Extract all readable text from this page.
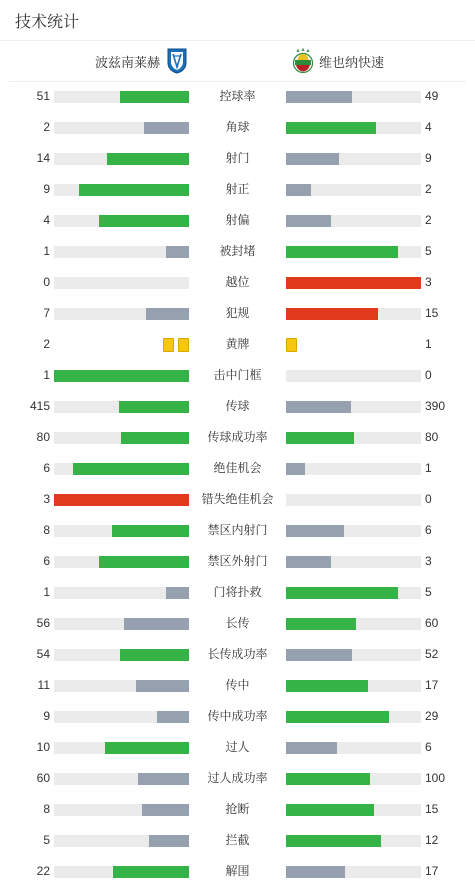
技术统计
波兹南莱赫	维也纳快速
51	控球率	49
2	角球	4
14	射门	9
9	射正	2
4	射偏	2
1	被封堵	5
0	越位	3
7	犯规	15
2	黄牌	1
1	击中门框	0
415	传球	390
80	传球成功率	80
6	绝佳机会	1
3	错失绝佳机会	0
8	禁区内射门	6
6	禁区外射门	3
1	门将扑救	5
56	长传	60
54	长传成功率	52
11	传中	17
9	传中成功率	29
10	过人	6
60	过人成功率	100
8	抢断	15
5	拦截	12
22	解围	17
